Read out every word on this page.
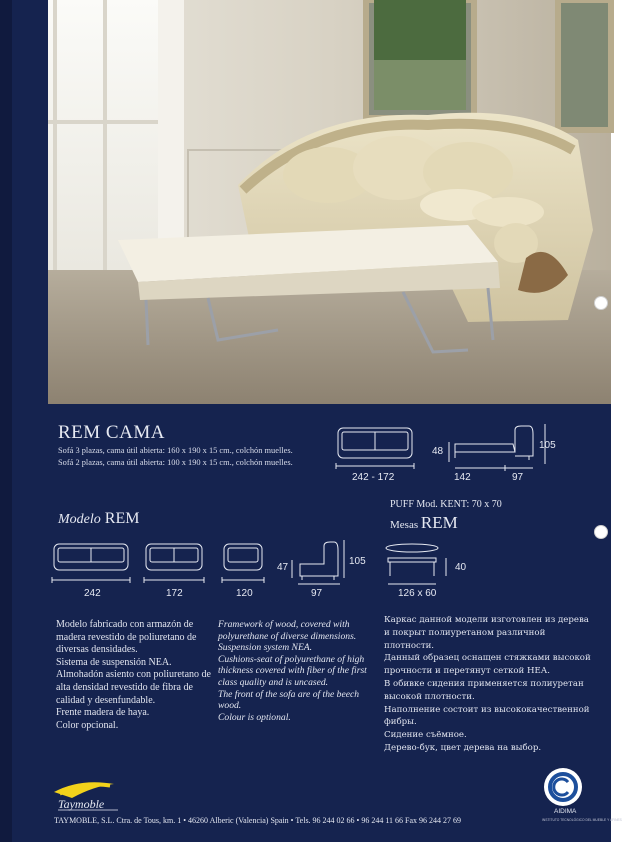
REM CAMA
Sofá 3 plazas, cama útil abierta: 160 x 190 x 15 cm., colchón muelles.
Sofá 2 plazas, cama útil abierta: 100 x 190 x 15 cm., colchón muelles.
242 - 172
48
105
142	97
Modelo REM
242	172	120
47
105
97
PUFF Mod. KENT: 70 x 70
Mesas REM
40
126 x 60

Modelo fabricado con armazón de madera revestido de poliuretano de diversas densidades.

Sistema de suspensión NEA.

Almohadón asiento con poliuretano de alta densidad revestido de fibra de calidad y desenfundable.

Frente madera de haya.

Color opcional.

Framework of wood, covered with polyurethane of diverse dimensions.

Suspension system NEA.

Cushions-seat of polyurethane of high thickness covered with fiber of the first class quality and is uncased.

The front of the sofa are of the beech wood.

Colour is optional.

Каркас данной модели изготовлен из дерева и покрыт полиуретаном различной плотности.

Данный образец оснащен стяжками высокой прочности и перетянут сеткой НЕА.

В обивке сидения применяется полиуретан высокой плотности.

Наполнение состоит из высококачественной фибры.

Сидение съёмное.

Дерево-бук, цвет дерева на выбор.

Taymoble
TAYMOBLE, S.L. Ctra. de Tous, km. 1 • 46260 Alberic (Valencia) Spain • Tels. 96 244 02 66 • 96 244 11 66 Fax 96 244 27 69
AIDIMA
INSTITUTO TECNOLÓGICO DEL MUEBLE Y AFINES
